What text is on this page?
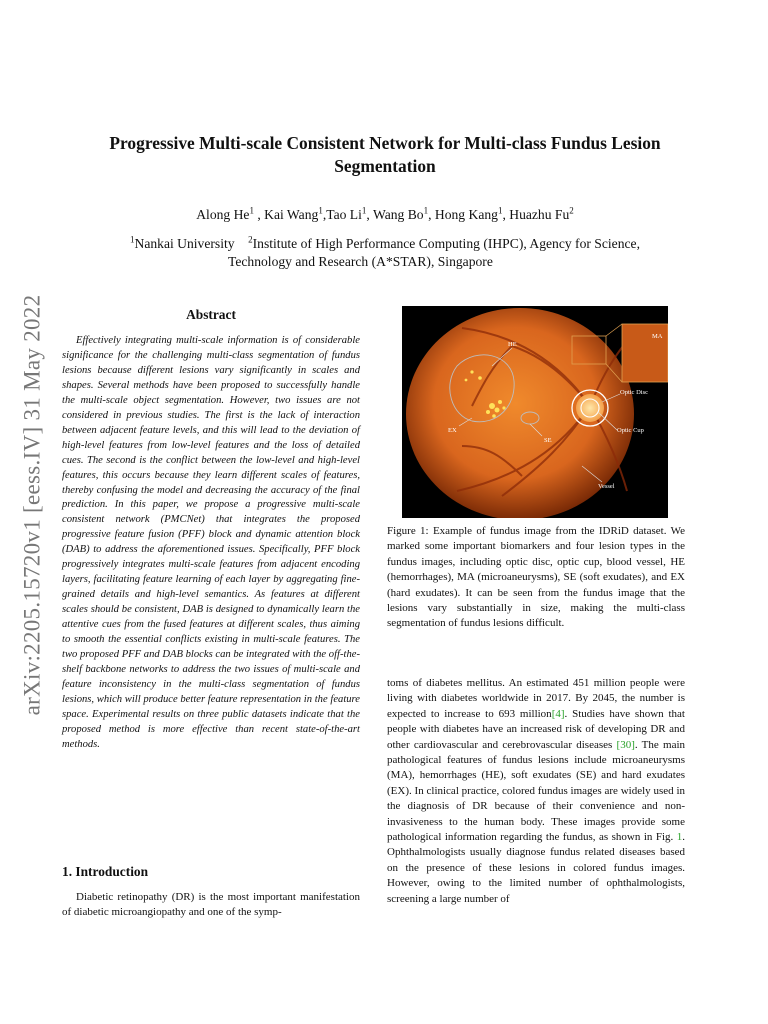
arXiv:2205.15720v1 [eess.IV] 31 May 2022
Progressive Multi-scale Consistent Network for Multi-class Fundus Lesion Segmentation
Along He$^1$ , Kai Wang$^1$,Tao Li$^1$, Wang Bo$^1$, Hong Kang$^1$, Huazhu Fu$^2$
$^1$Nankai University $^2$Institute of High Performance Computing (IHPC), Agency for Science,
Technology and Research (A*STAR), Singapore
Abstract

Effectively integrating multi-scale information is of considerable significance for the challenging multi-class segmentation of fundus lesions because different lesions vary significantly in scales and shapes. Several methods have been proposed to successfully handle the multi-scale object segmentation. However, two issues are not considered in previous studies. The first is the lack of interaction between adjacent feature levels, and this will lead to the deviation of high-level features from low-level features and the loss of detailed cues. The second is the conflict between the low-level and high-level features, this occurs because they learn different scales of features, thereby confusing the model and decreasing the accuracy of the final prediction. In this paper, we propose a progressive multi-scale consistent network (PMCNet) that integrates the proposed progressive feature fusion (PFF) block and dynamic attention block (DAB) to address the aforementioned issues. Specifically, PFF block progressively integrates multi-scale features from adjacent encoding layers, facilitating feature learning of each layer by aggregating fine-grained details and high-level semantics. As features at different scales should be consistent, DAB is designed to dynamically learn the attentive cues from the fused features at different scales, thus aiming to smooth the essential conflicts existing in multi-scale features. The two proposed PFF and DAB blocks can be integrated with the off-the-shelf backbone networks to address the two issues of multi-scale and feature inconsistency in the multi-class segmentation of fundus lesions, which will produce better feature representation in the feature space. Experimental results on three public datasets indicate that the proposed method is more effective than recent state-of-the-art methods.

1. Introduction

Diabetic retinopathy (DR) is the most important manifestation of diabetic microangiopathy and one of the symp-

HE
MA
Optic Disc
Optic Cup
EX
SE
Vessel

Figure 1: Example of fundus image from the IDRiD dataset. We marked some important biomarkers and four lesion types in the fundus images, including optic disc, optic cup, blood vessel, HE (hemorrhages), MA (microaneurysms), SE (soft exudates), and EX (hard exudates). It can be seen from the fundus image that the lesions vary substantially in size, making the multi-class segmentation of fundus lesions difficult.

toms of diabetes mellitus. An estimated 451 million people were living with diabetes worldwide in 2017. By 2045, the number is expected to increase to 693 million[4]. Studies have shown that people with diabetes have an increased risk of developing DR and other cardiovascular and cerebrovascular diseases [30]. The main pathological features of fundus lesions include microaneurysms (MA), hemorrhages (HE), soft exudates (SE) and hard exudates (EX). In clinical practice, colored fundus images are widely used in the diagnosis of DR because of their convenience and non-invasiveness to the human body. These images provide some pathological information regarding the fundus, as shown in Fig. 1. Ophthalmologists usually diagnose fundus related diseases based on the presence of these lesions in colored fundus images. However, owing to the limited number of ophthalmologists, screening a large number of
